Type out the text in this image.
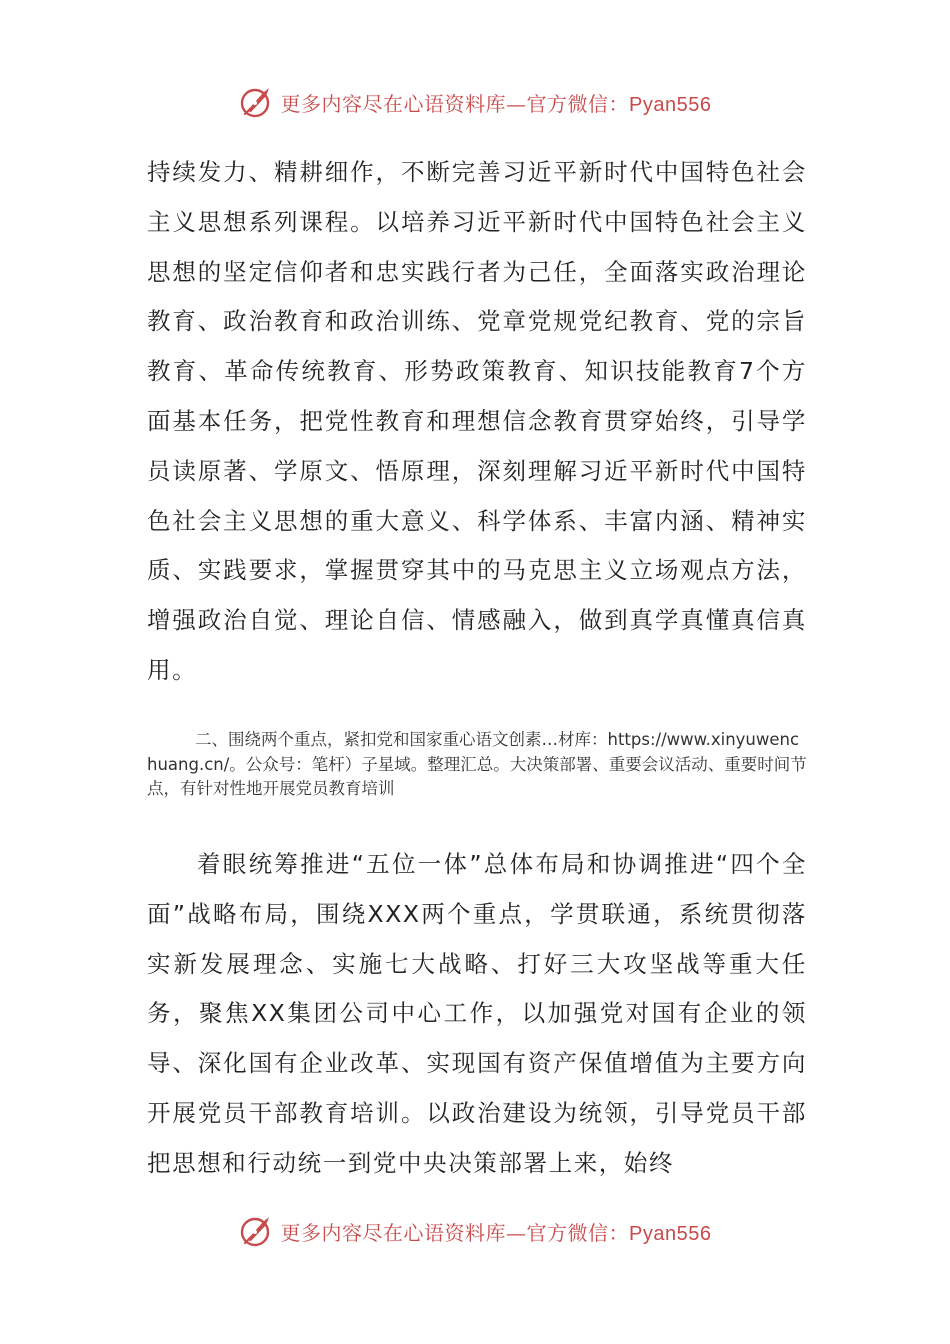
更多内容尽在心语资料库—官方微信：Pyan556

持续发力、精耕细作，不断完善习近平新时代中国特色社会主义思想系列课程。以培养习近平新时代中国特色社会主义思想的坚定信仰者和忠实践行者为己任，全面落实政治理论教育、政治教育和政治训练、党章党规党纪教育、党的宗旨教育、革命传统教育、形势政策教育、知识技能教育7个方面基本任务，把党性教育和理想信念教育贯穿始终，引导学员读原著、学原文、悟原理，深刻理解习近平新时代中国特色社会主义思想的重大意义、科学体系、丰富内涵、精神实质、实践要求，掌握贯穿其中的马克思主义立场观点方法，增强政治自觉、理论自信、情感融入，做到真学真懂真信真用。

二、围绕两个重点，紧扣党和国家重心语文创素…材库：https://www.xinyuwenchuang.cn/。公众号：笔杆）子星域。整理汇总。大决策部署、重要会议活动、重要时间节点，有针对性地开展党员教育培训

着眼统筹推进“五位一体”总体布局和协调推进“四个全面”战略布局，围绕XXX两个重点，学贯联通，系统贯彻落实新发展理念、实施七大战略、打好三大攻坚战等重大任务，聚焦XX集团公司中心工作，以加强党对国有企业的领导、深化国有企业改革、实现国有资产保值增值为主要方向开展党员干部教育培训。以政治建设为统领，引导党员干部把思想和行动统一到党中央决策部署上来，始终

更多内容尽在心语资料库—官方微信：Pyan556
